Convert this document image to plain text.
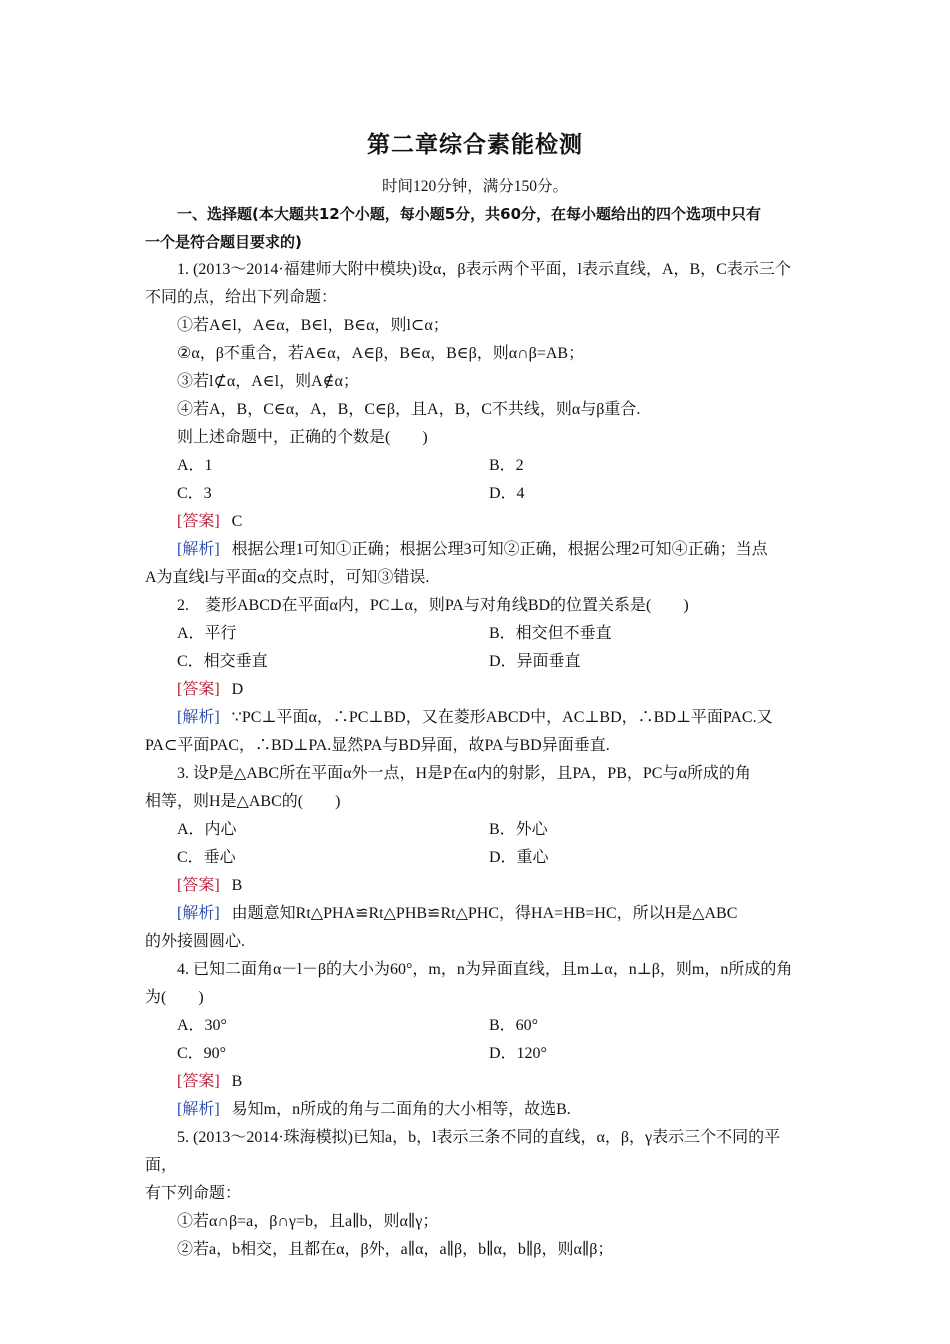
第二章综合素能检测
时间120分钟，满分150分。

一、选择题(本大题共12个小题，每小题5分，共60分，在每小题给出的四个选项中只有

一个是符合题目要求的)

1. (2013～2014·福建师大附中模块)设α，β表示两个平面，l表示直线，A，B，C表示三个

不同的点，给出下列命题：

①若A∈l，A∈α，B∈l，B∈α，则l⊂α；

②α，β不重合，若A∈α，A∈β，B∈α，B∈β，则α∩β=AB；

③若l⊄α，A∈l，则A∉α；

④若A，B，C∈α，A，B，C∈β，且A，B，C不共线，则α与β重合.

则上述命题中，正确的个数是(　　)

A．1	B．2
C．3	D．4

[答案] C

[解析] 根据公理1可知①正确；根据公理3可知②正确，根据公理2可知④正确；当点

A为直线l与平面α的交点时，可知③错误.

2.　菱形ABCD在平面α内，PC⊥α，则PA与对角线BD的位置关系是(　　)

A．平行	B．相交但不垂直
C．相交垂直	D．异面垂直

[答案] D

[解析] ∵PC⊥平面α，∴PC⊥BD，又在菱形ABCD中，AC⊥BD，∴BD⊥平面PAC.又

PA⊂平面PAC，∴BD⊥PA.显然PA与BD异面，故PA与BD异面垂直.

3. 设P是△ABC所在平面α外一点，H是P在α内的射影，且PA，PB，PC与α所成的角

相等，则H是△ABC的(　　)

A．内心	B．外心
C．垂心	D．重心

[答案] B

[解析] 由题意知Rt△PHA≌Rt△PHB≌Rt△PHC，得HA=HB=HC，所以H是△ABC

的外接圆圆心.

4. 已知二面角α－l－β的大小为60°，m，n为异面直线，且m⊥α，n⊥β，则m，n所成的角

为(　　)

A．30°	B．60°
C．90°	D．120°

[答案] B

[解析] 易知m，n所成的角与二面角的大小相等，故选B.

5. (2013～2014·珠海模拟)已知a，b，l表示三条不同的直线，α，β，γ表示三个不同的平面，

有下列命题：

①若α∩β=a，β∩γ=b，且a∥b，则α∥γ；

②若a，b相交，且都在α，β外，a∥α，a∥β，b∥α，b∥β，则α∥β；
